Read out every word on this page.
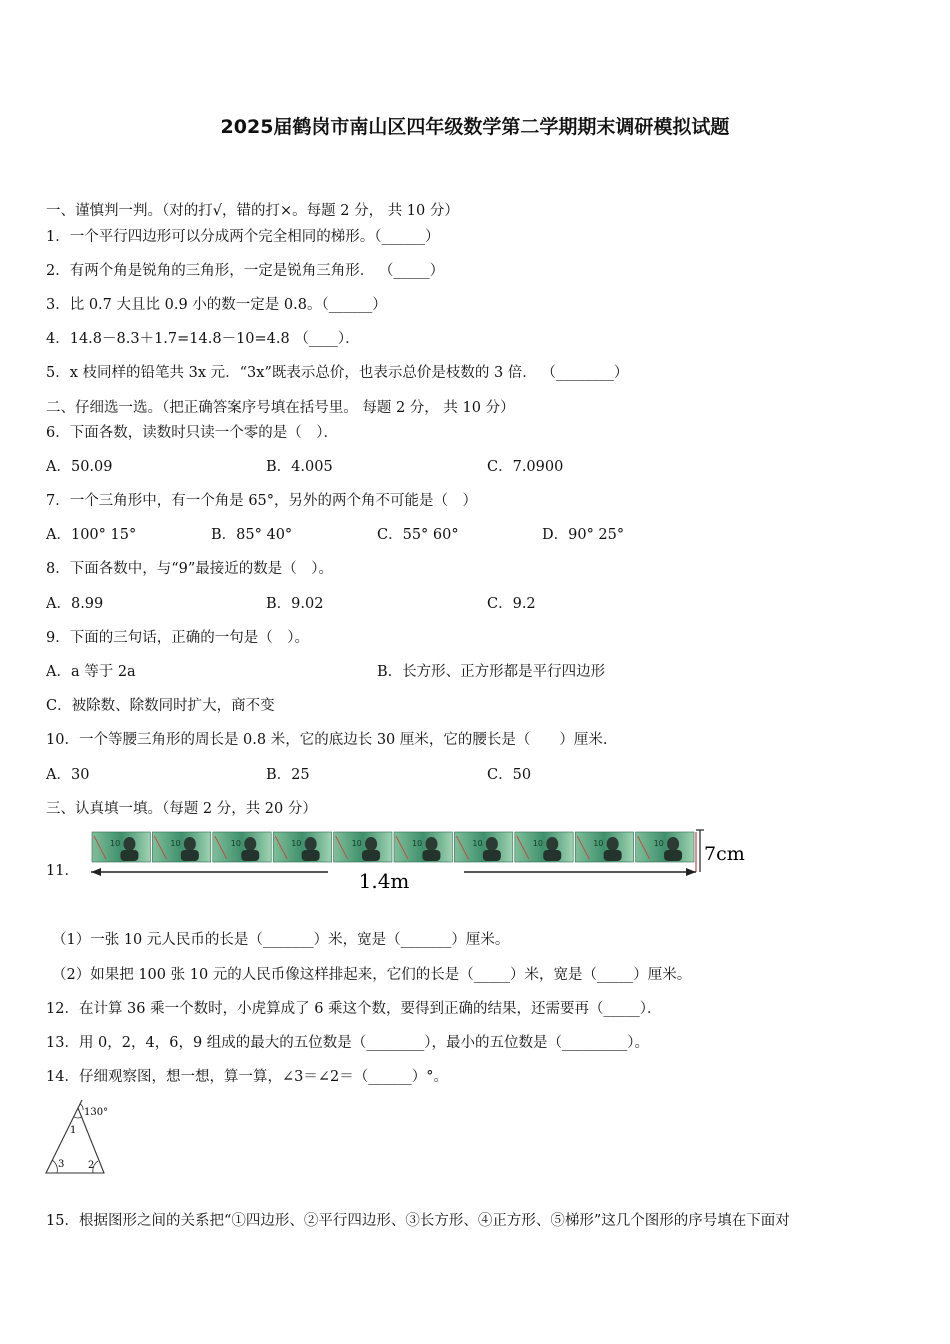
2025届鹤岗市南山区四年级数学第二学期期末调研模拟试题
一、谨慎判一判。（对的打√，错的打×。每题 2 分， 共 10 分）
1．一个平行四边形可以分成两个完全相同的梯形。（______）
2．有两个角是锐角的三角形，一定是锐角三角形． （_____）
3．比 0.7 大且比 0.9 小的数一定是 0.8。（______）
4．14.8－8.3＋1.7=14.8－10=4.8 （____）．
5．x 枝同样的铅笔共 3x 元．“3x”既表示总价，也表示总价是枝数的 3 倍． （________）
二、仔细选一选。（把正确答案序号填在括号里。 每题 2 分， 共 10 分）
6．下面各数，读数时只读一个零的是（　）．
A．50.09	B．4.005	C．7.0900
7．一个三角形中，有一个角是 65°，另外的两个角不可能是（　）
A．100° 15°	B．85° 40°	C．55° 60°	D．90° 25°
8．下面各数中，与“9”最接近的数是（　）。
A．8.99	B．9.02	C．9.2
9．下面的三句话，正确的一句是（　）。
A．a 等于 2a	B．长方形、正方形都是平行四边形
C．被除数、除数同时扩大，商不变
10．一个等腰三角形的周长是 0.8 米，它的底边长 30 厘米，它的腰长是（　　）厘米.
A．30	B．25	C．50
三、认真填一填。（每题 2 分，共 20 分）
11．
10	10	10	10	10	10	10	10	10	10
1.4m
7cm
（1）一张 10 元人民币的长是（_______）米，宽是（_______）厘米。
（2）如果把 100 张 10 元的人民币像这样排起来，它们的长是（_____）米，宽是（_____）厘米。
12．在计算 36 乘一个数时，小虎算成了 6 乘这个数，要得到正确的结果，还需要再（_____）．
13．用 0，2，4，6，9 组成的最大的五位数是（________），最小的五位数是（_________）。
14．仔细观察图，想一想，算一算，∠3＝∠2＝（______）°。
130°
1
2
3
15．根据图形之间的关系把“①四边形、②平行四边形、③长方形、④正方形、⑤梯形”这几个图形的序号填在下面对
